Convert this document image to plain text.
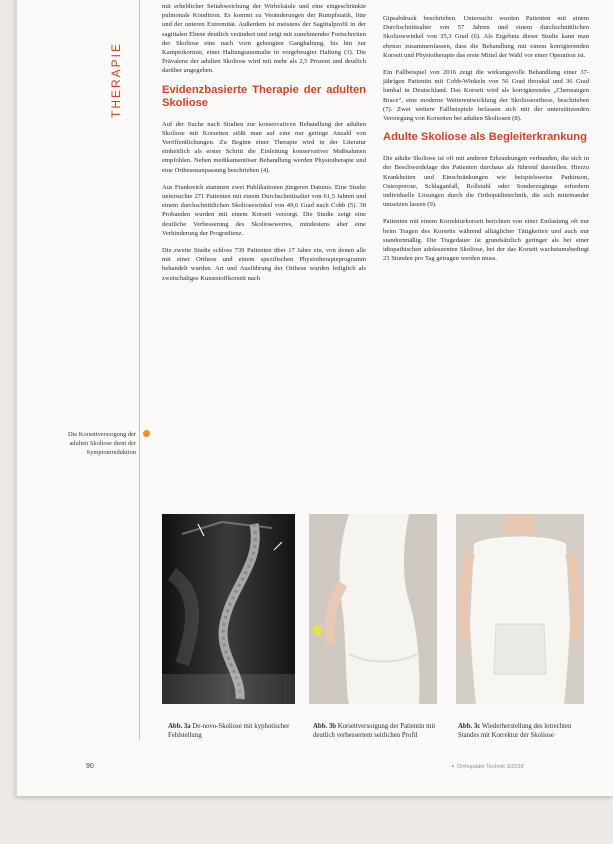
THERAPIE

mit erheblicher Seitabweichung der Wirbelsäule und eine eingeschränkte pulmonale Kondition. Es kommt zu Veränderungen der Rumpfstatik, litte und der unteren Extremität. Außerdem ist meistens der Sagittalprofil in der sagittalen Ebene deutlich verändert und zeigt mit zunehmender Fortschreiten der Skoliose eine nach vorn gebeugten Ganghaltung, bis hin zur Kamptokormie, einer Haltungsanomalie in vorgebeugter Haltung (3). Die Prävalenz der adulten Skoliose wird mit mehr als 2,5 Prozent und deutlich darüber angegeben.

Evidenzbasierte Therapie der adulten Skoliose

Auf der Suche nach Studien zur konservativen Behandlung der adulten Skoliose mit Korsetten stößt man auf eine nur geringe Anzahl von Veröffentlichungen. Zu Beginn einer Therapie wird in der Literatur einheitlich als erster Schritt die Einleitung konservativer Maßnahmen empfohlen. Neben medikamentöser Behandlung werden Physiotherapie und eine Orthesenanpassung beschrieben (4).

Aus Frankreich stammen zwei Publikationen jüngeren Datums. Eine Studie untersuchte 271 Patienten mit einem Durchschnittsalter von 61,5 Jahren und einem durchschnittlichen Skoliosewinkel von 49,6 Grad nach Cobb (5). 38 Probanden wurden mit einem Korsett versorgt. Die Studie zeigt eine deutliche Verbesserung des Skoliosewertes, mindestens aber eine Verhinderung der Progredienz.

Die zweite Studie schloss 739 Patienten über 17 Jahre ein, von denen alle mit einer Orthese und einem spezifischen Physiotherapieprogramm behandelt wurden. Art und Ausführung der Orthese wurden lediglich als zweischaliges Kunststoffkorsett nach

Gipsabdruck beschrieben. Untersucht wurden Patienten mit einem Durchschnittsalter von 57 Jahren und einem durchschnittlichen Skoliosewinkel von 35,3 Grad (6). Als Ergebnis dieser Studie kann man ebenso zusammenfassen, dass die Behandlung mit einem korrigierenden Korsett und Physiotherapie das erste Mittel der Wahl vor einer Operation ist.

Ein Fallbeispiel von 2016 zeigt die wirkungsvolle Behandlung einer 37-jährigen Patientin mit Cobb-Winkeln von 56 Grad thorakal und 36 Grad lumbal in Deutschland. Das Korsett wird als korrigierendes „Cheneaugen Brace“, eine moderne Weiterentwicklung der Skolioseorthese, beschrieben (7). Zwei weitere Fallbeispiele befassen sich mit der unterstützenden Versorgung von Korsetten bei adulten Skoliosen (8).

Adulte Skoliose als Begleiterkrankung

Die adulte Skoliose ist oft mit anderen Erkrankungen verbunden, die sich in der Beschwerdelage des Patienten durchaus als führend darstellen. Hierzu Krankheiten und Einschränkungen wie beispielsweise Parkinson, Osteoporose, Schlaganfall, Rollstuhl oder Sonderzugänge erfordern individuelle Lösungen durch die Orthopädietechnik, die sich miteinander umsetzen lassen (9).

Patienten mit einem Korrekturkorsett berichten von einer Entlastung oft nur beim Tragen des Korsetts während alltäglicher Tätigkeiten und auch nur standortmäßig. Die Tragedauer ist grundsätzlich geringer als bei einer idiopathischen adoleszenten Skoliose, bei der das Korsett wachstumsbedingt 23 Stunden pro Tag getragen werden muss.

Die Korsettversorgung der adulten Skoliose dient der Symptomreduktion
Abb. 3a De-novo-Skoliose mit kyphotischer Fehlstellung
Abb. 3b Korsettversorgung der Patientin mit deutlich verbessertem seitlichen Profil
Abb. 3c Wiederherstellung des lotrechten Standes mit Korrektur der Skoliose
90	▪ Orthopädie Technik 3/2018
